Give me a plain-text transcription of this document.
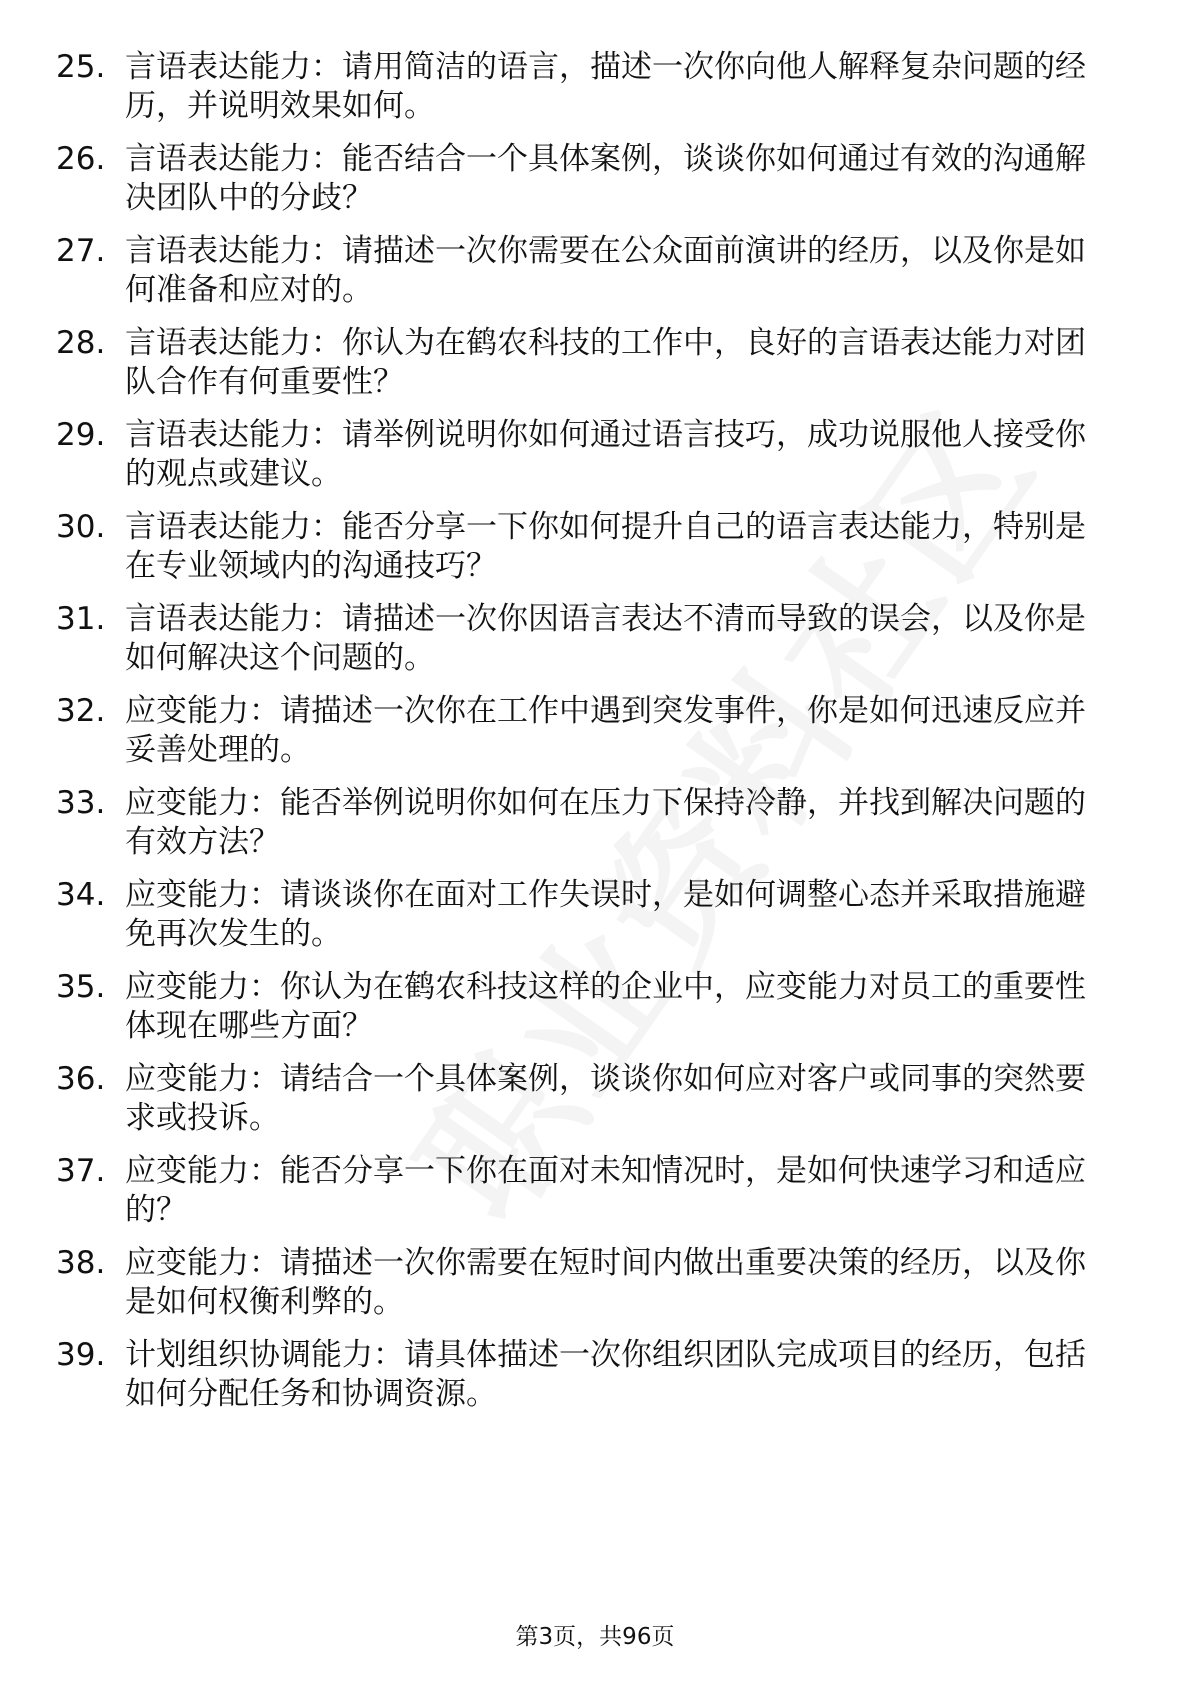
25. 言语表达能力：请用简洁的语言，描述一次你向他人解释复杂问题的经历，并说明效果如何。
26. 言语表达能力：能否结合一个具体案例，谈谈你如何通过有效的沟通解决团队中的分歧？
27. 言语表达能力：请描述一次你需要在公众面前演讲的经历，以及你是如何准备和应对的。
28. 言语表达能力：你认为在鹤农科技的工作中，良好的言语表达能力对团队合作有何重要性？
29. 言语表达能力：请举例说明你如何通过语言技巧，成功说服他人接受你的观点或建议。
30. 言语表达能力：能否分享一下你如何提升自己的语言表达能力，特别是在专业领域内的沟通技巧？
31. 言语表达能力：请描述一次你因语言表达不清而导致的误会，以及你是如何解决这个问题的。
32. 应变能力：请描述一次你在工作中遇到突发事件，你是如何迅速反应并妥善处理的。
33. 应变能力：能否举例说明你如何在压力下保持冷静，并找到解决问题的有效方法？
34. 应变能力：请谈谈你在面对工作失误时，是如何调整心态并采取措施避免再次发生的。
35. 应变能力：你认为在鹤农科技这样的企业中，应变能力对员工的重要性体现在哪些方面？
36. 应变能力：请结合一个具体案例，谈谈你如何应对客户或同事的突然要求或投诉。
37. 应变能力：能否分享一下你在面对未知情况时，是如何快速学习和适应的？
38. 应变能力：请描述一次你需要在短时间内做出重要决策的经历，以及你是如何权衡利弊的。
39. 计划组织协调能力：请具体描述一次你组织团队完成项目的经历，包括如何分配任务和协调资源。
第3页，共96页
